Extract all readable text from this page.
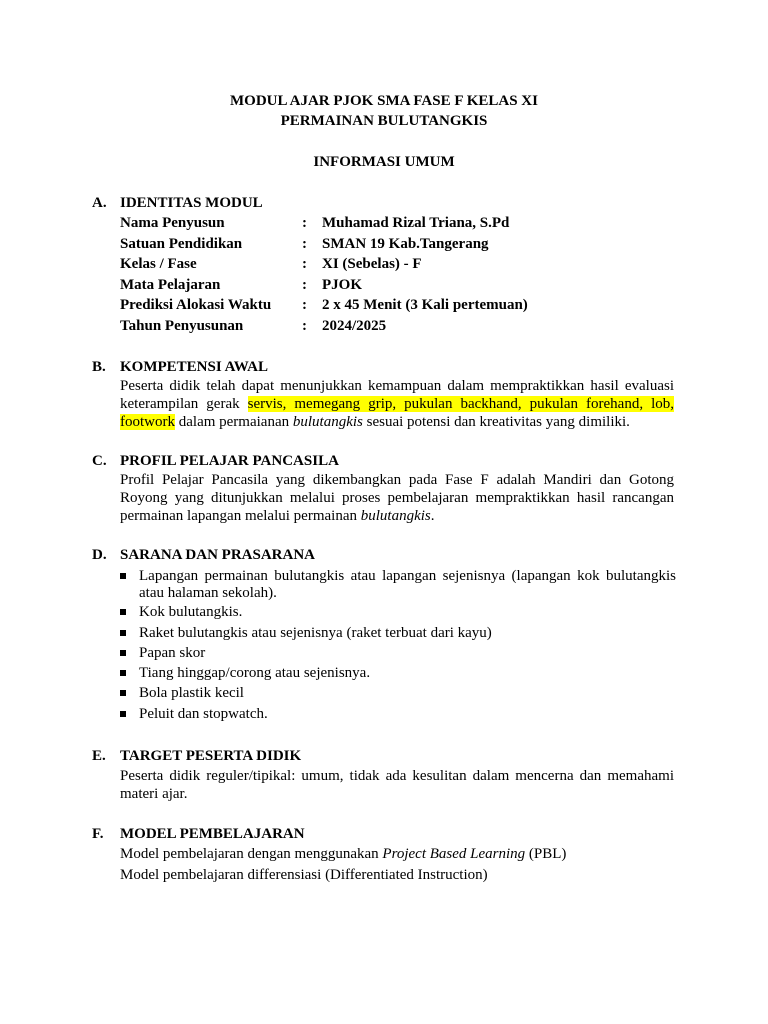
MODUL AJAR PJOK SMA FASE F KELAS XI
PERMAINAN BULUTANGKIS
INFORMASI UMUM
A. IDENTITAS MODUL
Nama Penyusun	: Muhamad Rizal Triana, S.Pd
Satuan Pendidikan	: SMAN 19 Kab.Tangerang
Kelas / Fase	: XI (Sebelas) - F
Mata Pelajaran	: PJOK
Prediksi Alokasi Waktu : 2 x 45 Menit (3 Kali pertemuan)
Tahun Penyusunan	: 2024/2025
B. KOMPETENSI AWAL
Peserta didik telah dapat menunjukkan kemampuan dalam mempraktikkan hasil evaluasi
keterampilan gerak servis, memegang grip, pukulan backhand, pukulan forehand, lob,
footwork dalam permaianan bulutangkis sesuai potensi dan kreativitas yang dimiliki.
C. PROFIL PELAJAR PANCASILA
Profil Pelajar Pancasila yang dikembangkan pada Fase F adalah Mandiri dan Gotong
Royong yang ditunjukkan melalui proses pembelajaran mempraktikkan hasil rancangan
permainan lapangan melalui permainan bulutangkis.
D. SARANA DAN PRASARANA
Lapangan permainan bulutangkis atau lapangan sejenisnya (lapangan kok bulutangkis atau halaman sekolah).
Kok bulutangkis.
Raket bulutangkis atau sejenisnya (raket terbuat dari kayu)
Papan skor
Tiang hinggap/corong atau sejenisnya.
Bola plastik kecil
Peluit dan stopwatch.
E. TARGET PESERTA DIDIK
Peserta didik reguler/tipikal: umum, tidak ada kesulitan dalam mencerna dan memahami
materi ajar.
F. MODEL PEMBELAJARAN
Model pembelajaran dengan menggunakan Project Based Learning (PBL)
Model pembelajaran differensiasi (Differentiated Instruction)
